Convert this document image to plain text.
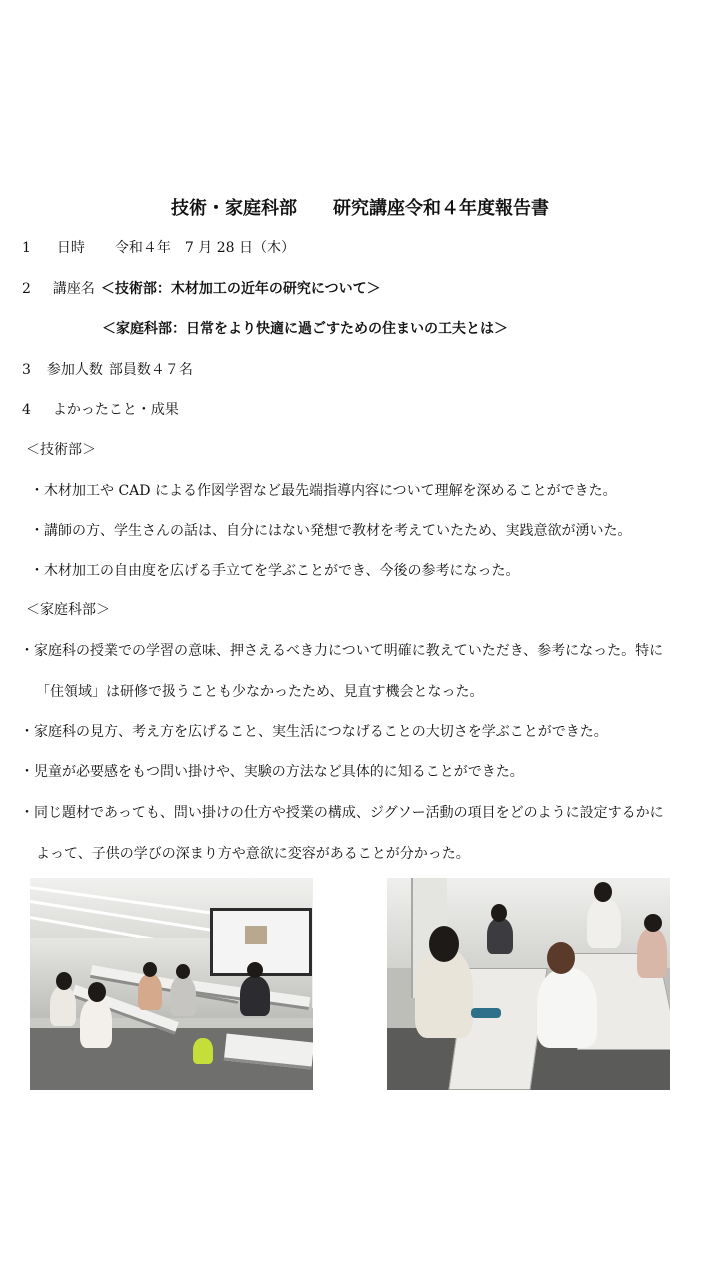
技術・家庭科部　　研究講座令和４年度報告書
1 日時 令和４年　7 月 28 日（木）
2 講座名 ＜技術部：木材加工の近年の研究について＞
＜家庭科部：日常をより快適に過ごすための住まいの工夫とは＞
3 参加人数 部員数４７名
4 よかったこと・成果
＜技術部＞
・木材加工や CAD による作図学習など最先端指導内容について理解を深めることができた。
・講師の方、学生さんの話は、自分にはない発想で教材を考えていたため、実践意欲が湧いた。
・木材加工の自由度を広げる手立てを学ぶことができ、今後の参考になった。
＜家庭科部＞
・家庭科の授業での学習の意味、押さえるべき力について明確に教えていただき、参考になった。特に
「住領域」は研修で扱うことも少なかったため、見直す機会となった。
・家庭科の見方、考え方を広げること、実生活につなげることの大切さを学ぶことができた。
・児童が必要感をもつ問い掛けや、実験の方法など具体的に知ることができた。
・同じ題材であっても、問い掛けの仕方や授業の構成、ジグソー活動の項目をどのように設定するかに
よって、子供の学びの深まり方や意欲に変容があることが分かった。
